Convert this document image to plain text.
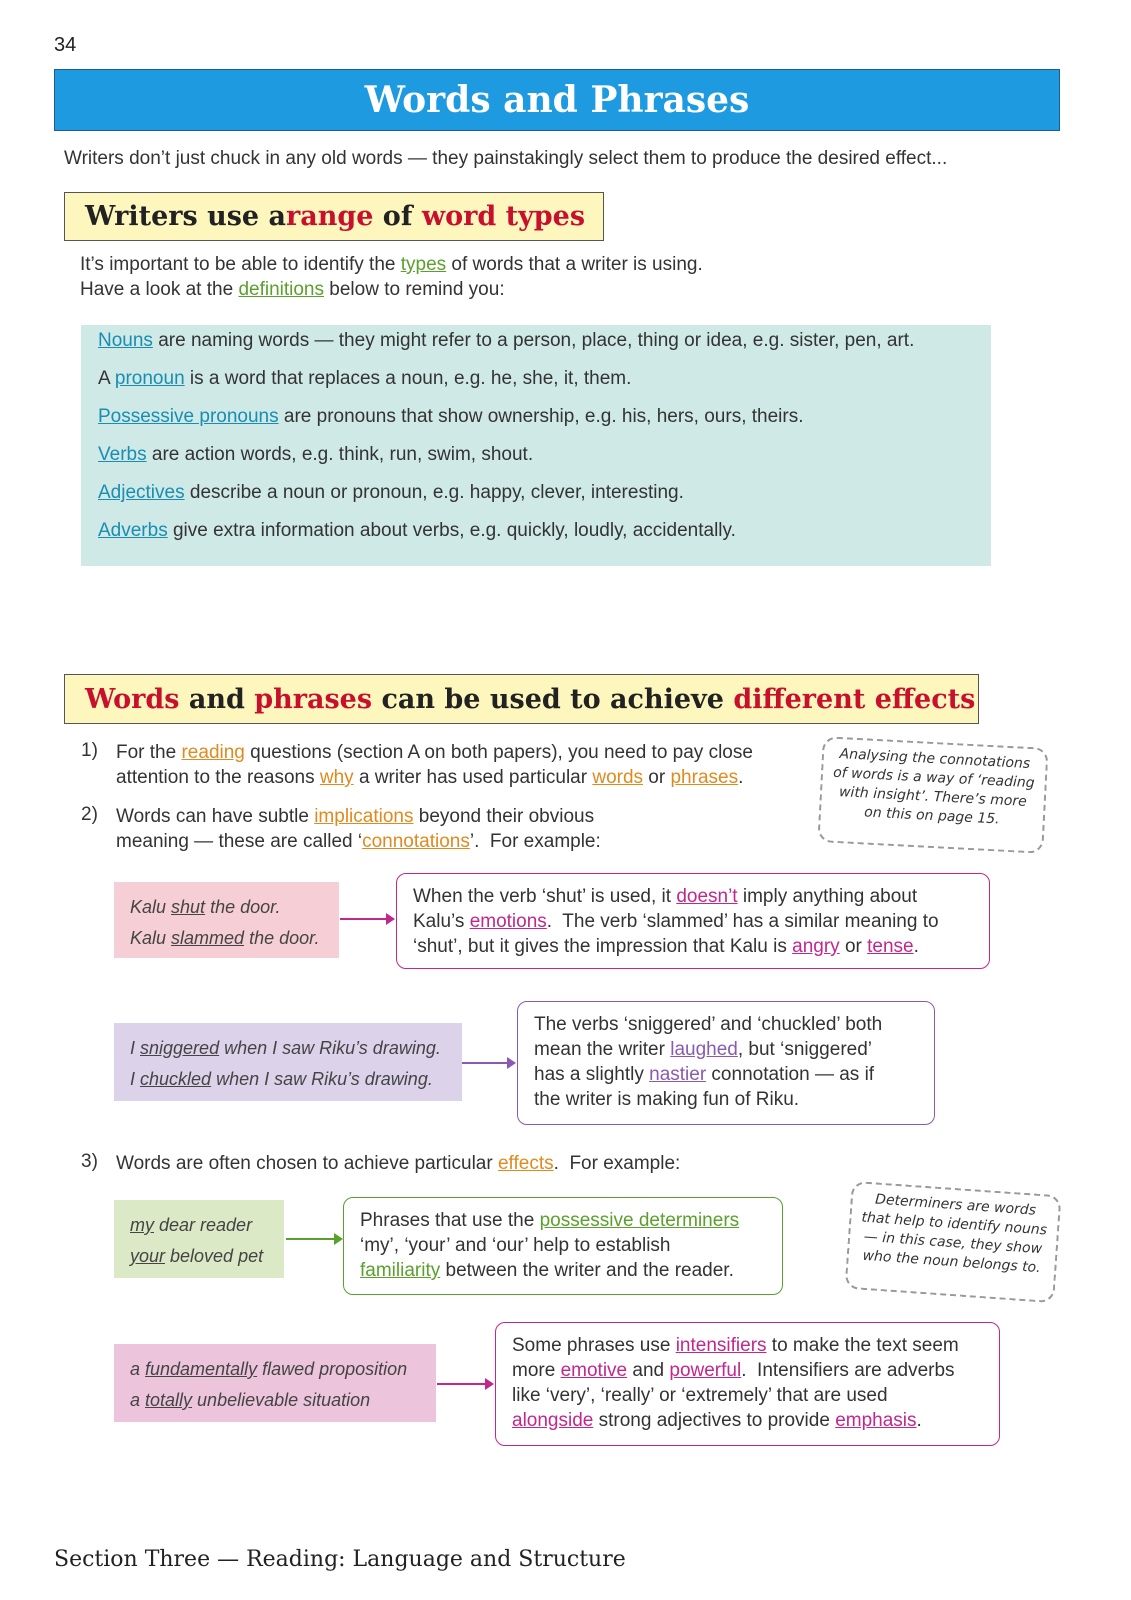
34
Words and Phrases
Writers don’t just chuck in any old words — they painstakingly select them to produce the desired effect...
Writers use a range of word types
It’s important to be able to identify the types of words that a writer is using.
Have a look at the definitions below to remind you:
Nouns are naming words — they might refer to a person, place, thing or idea, e.g. sister, pen, art.
A pronoun is a word that replaces a noun, e.g. he, she, it, them.
Possessive pronouns are pronouns that show ownership, e.g. his, hers, ours, theirs.
Verbs are action words, e.g. think, run, swim, shout.
Adjectives describe a noun or pronoun, e.g. happy, clever, interesting.
Adverbs give extra information about verbs, e.g. quickly, loudly, accidentally.
Words and phrases can be used to achieve different effects
1) For the reading questions (section A on both papers), you need to pay close
attention to the reasons why a writer has used particular words or phrases.
2) Words can have subtle implications beyond their obvious
meaning — these are called ‘connotations’.  For example:
Analysing the connotations of words is a way of ‘reading with insight’. There’s more on this on page 15.
Kalu shut the door.
Kalu slammed the door.
When the verb ‘shut’ is used, it doesn’t imply anything about
Kalu’s emotions.  The verb ‘slammed’ has a similar meaning to
‘shut’, but it gives the impression that Kalu is angry or tense.
I sniggered when I saw Riku’s drawing.
I chuckled when I saw Riku’s drawing.
The verbs ‘sniggered’ and ‘chuckled’ both
mean the writer laughed, but ‘sniggered’
has a slightly nastier connotation — as if
the writer is making fun of Riku.
3) Words are often chosen to achieve particular effects.  For example:
Determiners are words that help to identify nouns — in this case, they show who the noun belongs to.
my dear reader
your beloved pet
Phrases that use the possessive determiners
‘my’, ‘your’ and ‘our’ help to establish
familiarity between the writer and the reader.
a fundamentally flawed proposition
a totally unbelievable situation
Some phrases use intensifiers to make the text seem
more emotive and powerful.  Intensifiers are adverbs
like ‘very’, ‘really’ or ‘extremely’ that are used
alongside strong adjectives to provide emphasis.
Section Three — Reading: Language and Structure
